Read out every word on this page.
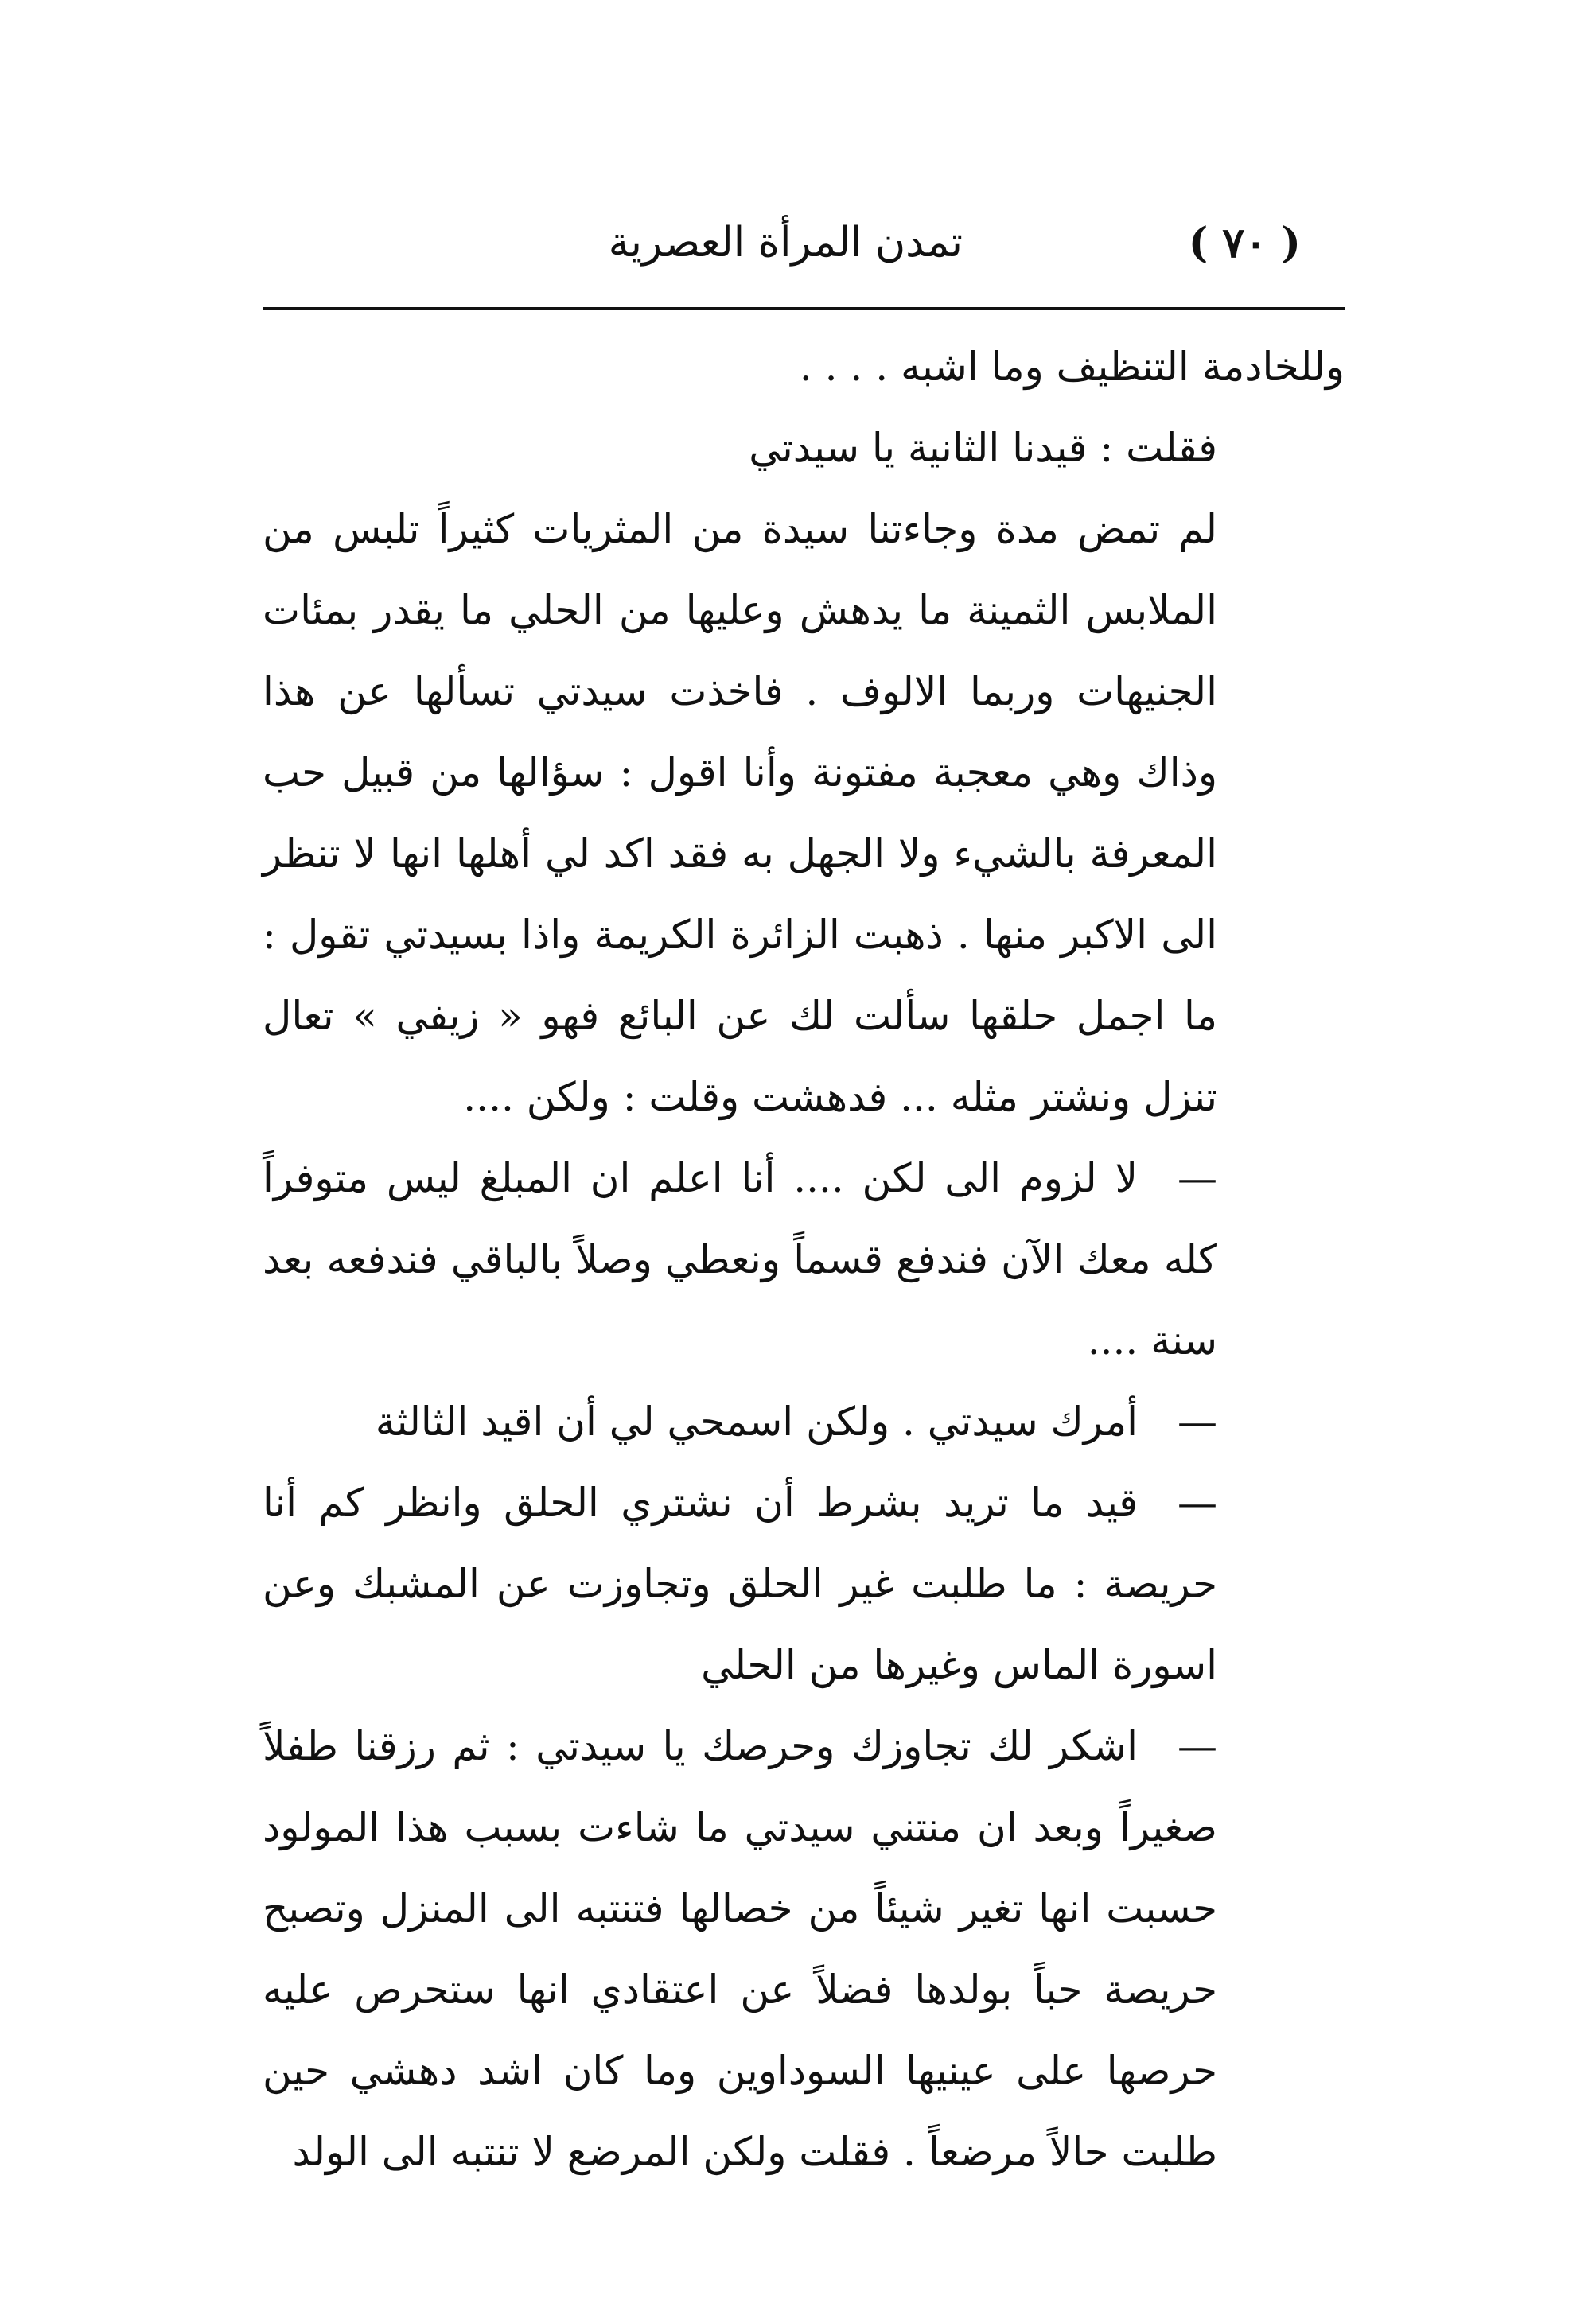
( ٧٠ )
تمدن المرأة العصرية

وللخادمة التنظيف وما اشبه . . . .

فقلت : قيدنا الثانية يا سيدتي

لم تمض مدة وجاءتنا سيدة من المثريات كثيراً تلبس من الملابس الثمينة ما يدهش وعليها من الحلي ما يقدر بمئات الجنيهات وربما الالوف . فاخذت سيدتي تسألها عن هذا وذاك وهي معجبة مفتونة وأنا اقول : سؤالها من قبيل حب المعرفة بالشيء ولا الجهل به فقد اكد لي أهلها انها لا تنظر الى الاكبر منها . ذهبت الزائرة الكريمة واذا بسيدتي تقول : ما اجمل حلقها سألت لك عن البائع فهو « زيفي » تعال تنزل ونشتر مثله ... فدهشت وقلت : ولكن ....

—لا لزوم الى لكن .... أنا اعلم ان المبلغ ليس متوفراً كله معك الآن فندفع قسماً ونعطي وصلاً بالباقي فندفعه بعد سنة ....

—أمرك سيدتي . ولكن اسمحي لي أن اقيد الثالثة

—قيد ما تريد بشرط أن نشتري الحلق وانظر كم أنا حريصة : ما طلبت غير الحلق وتجاوزت عن المشبك وعن اسورة الماس وغيرها من الحلي

—اشكر لك تجاوزك وحرصك يا سيدتي : ثم رزقنا طفلاً صغيراً وبعد ان منتني سيدتي ما شاءت بسبب هذا المولود حسبت انها تغير شيئاً من خصالها فتنتبه الى المنزل وتصبح حريصة حباً بولدها فضلاً عن اعتقادي انها ستحرص عليه حرصها على عينيها السوداوين وما كان اشد دهشي حين طلبت حالاً مرضعاً . فقلت ولكن المرضع لا تنتبه الى الولد
